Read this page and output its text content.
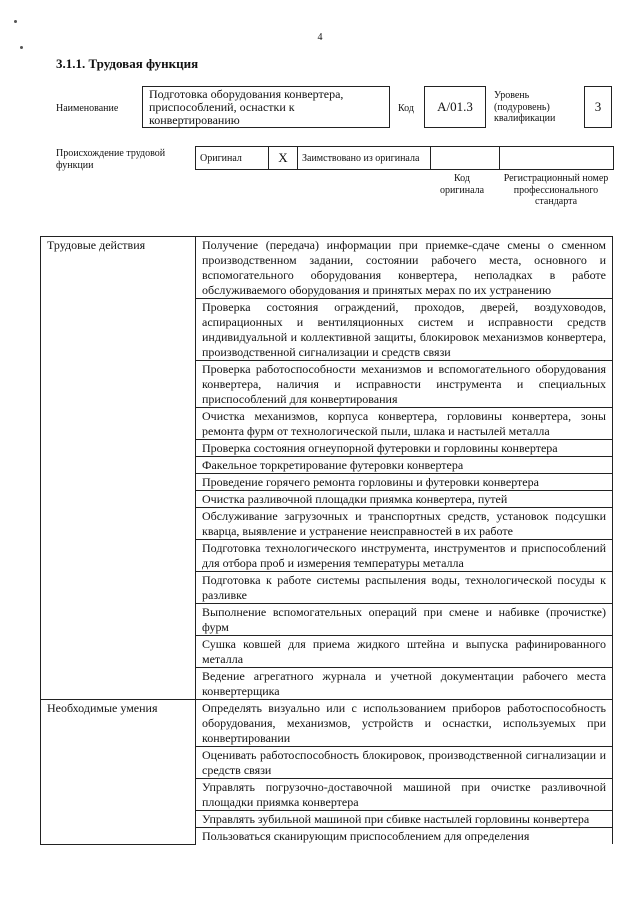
4
3.1.1. Трудовая функция
Наименование
Подготовка оборудования конвертера, приспособлений, оснастки к конвертированию
Код	А/01.3
Уровень (подуровень) квалификации
3
Происхождение трудовой функции
Оригинал	Х	Заимствовано из оригинала		
Код оригинала
Регистрационный номер профессионального стандарта
Трудовые действия	Получение (передача) информации при приемке-сдаче смены о сменном производственном задании, состоянии рабочего места, основного и вспомогательного оборудования конвертера, неполадках в работе обслуживаемого оборудования и принятых мерах по их устранению
	Проверка состояния ограждений, проходов, дверей, воздуховодов, аспирационных и вентиляционных систем и исправности средств индивидуальной и коллективной защиты, блокировок механизмов конвертера, производственной сигнализации и средств связи
	Проверка работоспособности механизмов и вспомогательного оборудования конвертера, наличия и исправности инструмента и специальных приспособлений для конвертирования
	Очистка механизмов, корпуса конвертера, горловины конвертера, зоны ремонта фурм от технологической пыли, шлака и настылей металла
	Проверка состояния огнеупорной футеровки и горловины конвертера
	Факельное торкретирование футеровки конвертера
	Проведение горячего ремонта горловины и футеровки конвертера
	Очистка разливочной площадки приямка конвертера, путей
	Обслуживание загрузочных и транспортных средств, установок подсушки кварца, выявление и устранение неисправностей в их работе
	Подготовка технологического инструмента, инструментов и приспособлений для отбора проб и измерения температуры металла
	Подготовка к работе системы распыления воды, технологической посуды к разливке
	Выполнение вспомогательных операций при смене и набивке (прочистке) фурм
	Сушка ковшей для приема жидкого штейна и выпуска рафинированного металла
	Ведение агрегатного журнала и учетной документации рабочего места конвертерщика
Необходимые умения	Определять визуально или с использованием приборов работоспособность оборудования, механизмов, устройств и оснастки, используемых при конвертировании
	Оценивать работоспособность блокировок, производственной сигнализации и средств связи
	Управлять погрузочно-доставочной машиной при очистке разливочной площадки приямка конвертера
	Управлять зубильной машиной при сбивке настылей горловины конвертера
	Пользоваться сканирующим приспособлением для определения
